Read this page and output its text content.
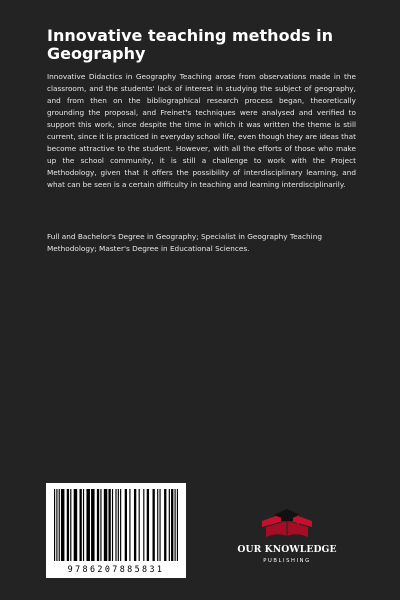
Innovative teaching methods in Geography

Innovative Didactics in Geography Teaching arose from observations made in the classroom, and the students' lack of interest in studying the subject of geography, and from then on the bibliographical research process began, theoretically grounding the proposal, and Freinet's techniques were analysed and verified to support this work, since despite the time in which it was written the theme is still current, since it is practiced in everyday school life, even though they are ideas that become attractive to the student. However, with all the efforts of those who make up the school community, it is still a challenge to work with the Project Methodology, given that it offers the possibility of interdisciplinary learning, and what can be seen is a certain difficulty in teaching and learning interdisciplinarily.

Full and Bachelor's Degree in Geography; Specialist in Geography Teaching Methodology; Master's Degree in Educational Sciences.

9786207885831
OUR KNOWLEDGE
PUBLISHING
